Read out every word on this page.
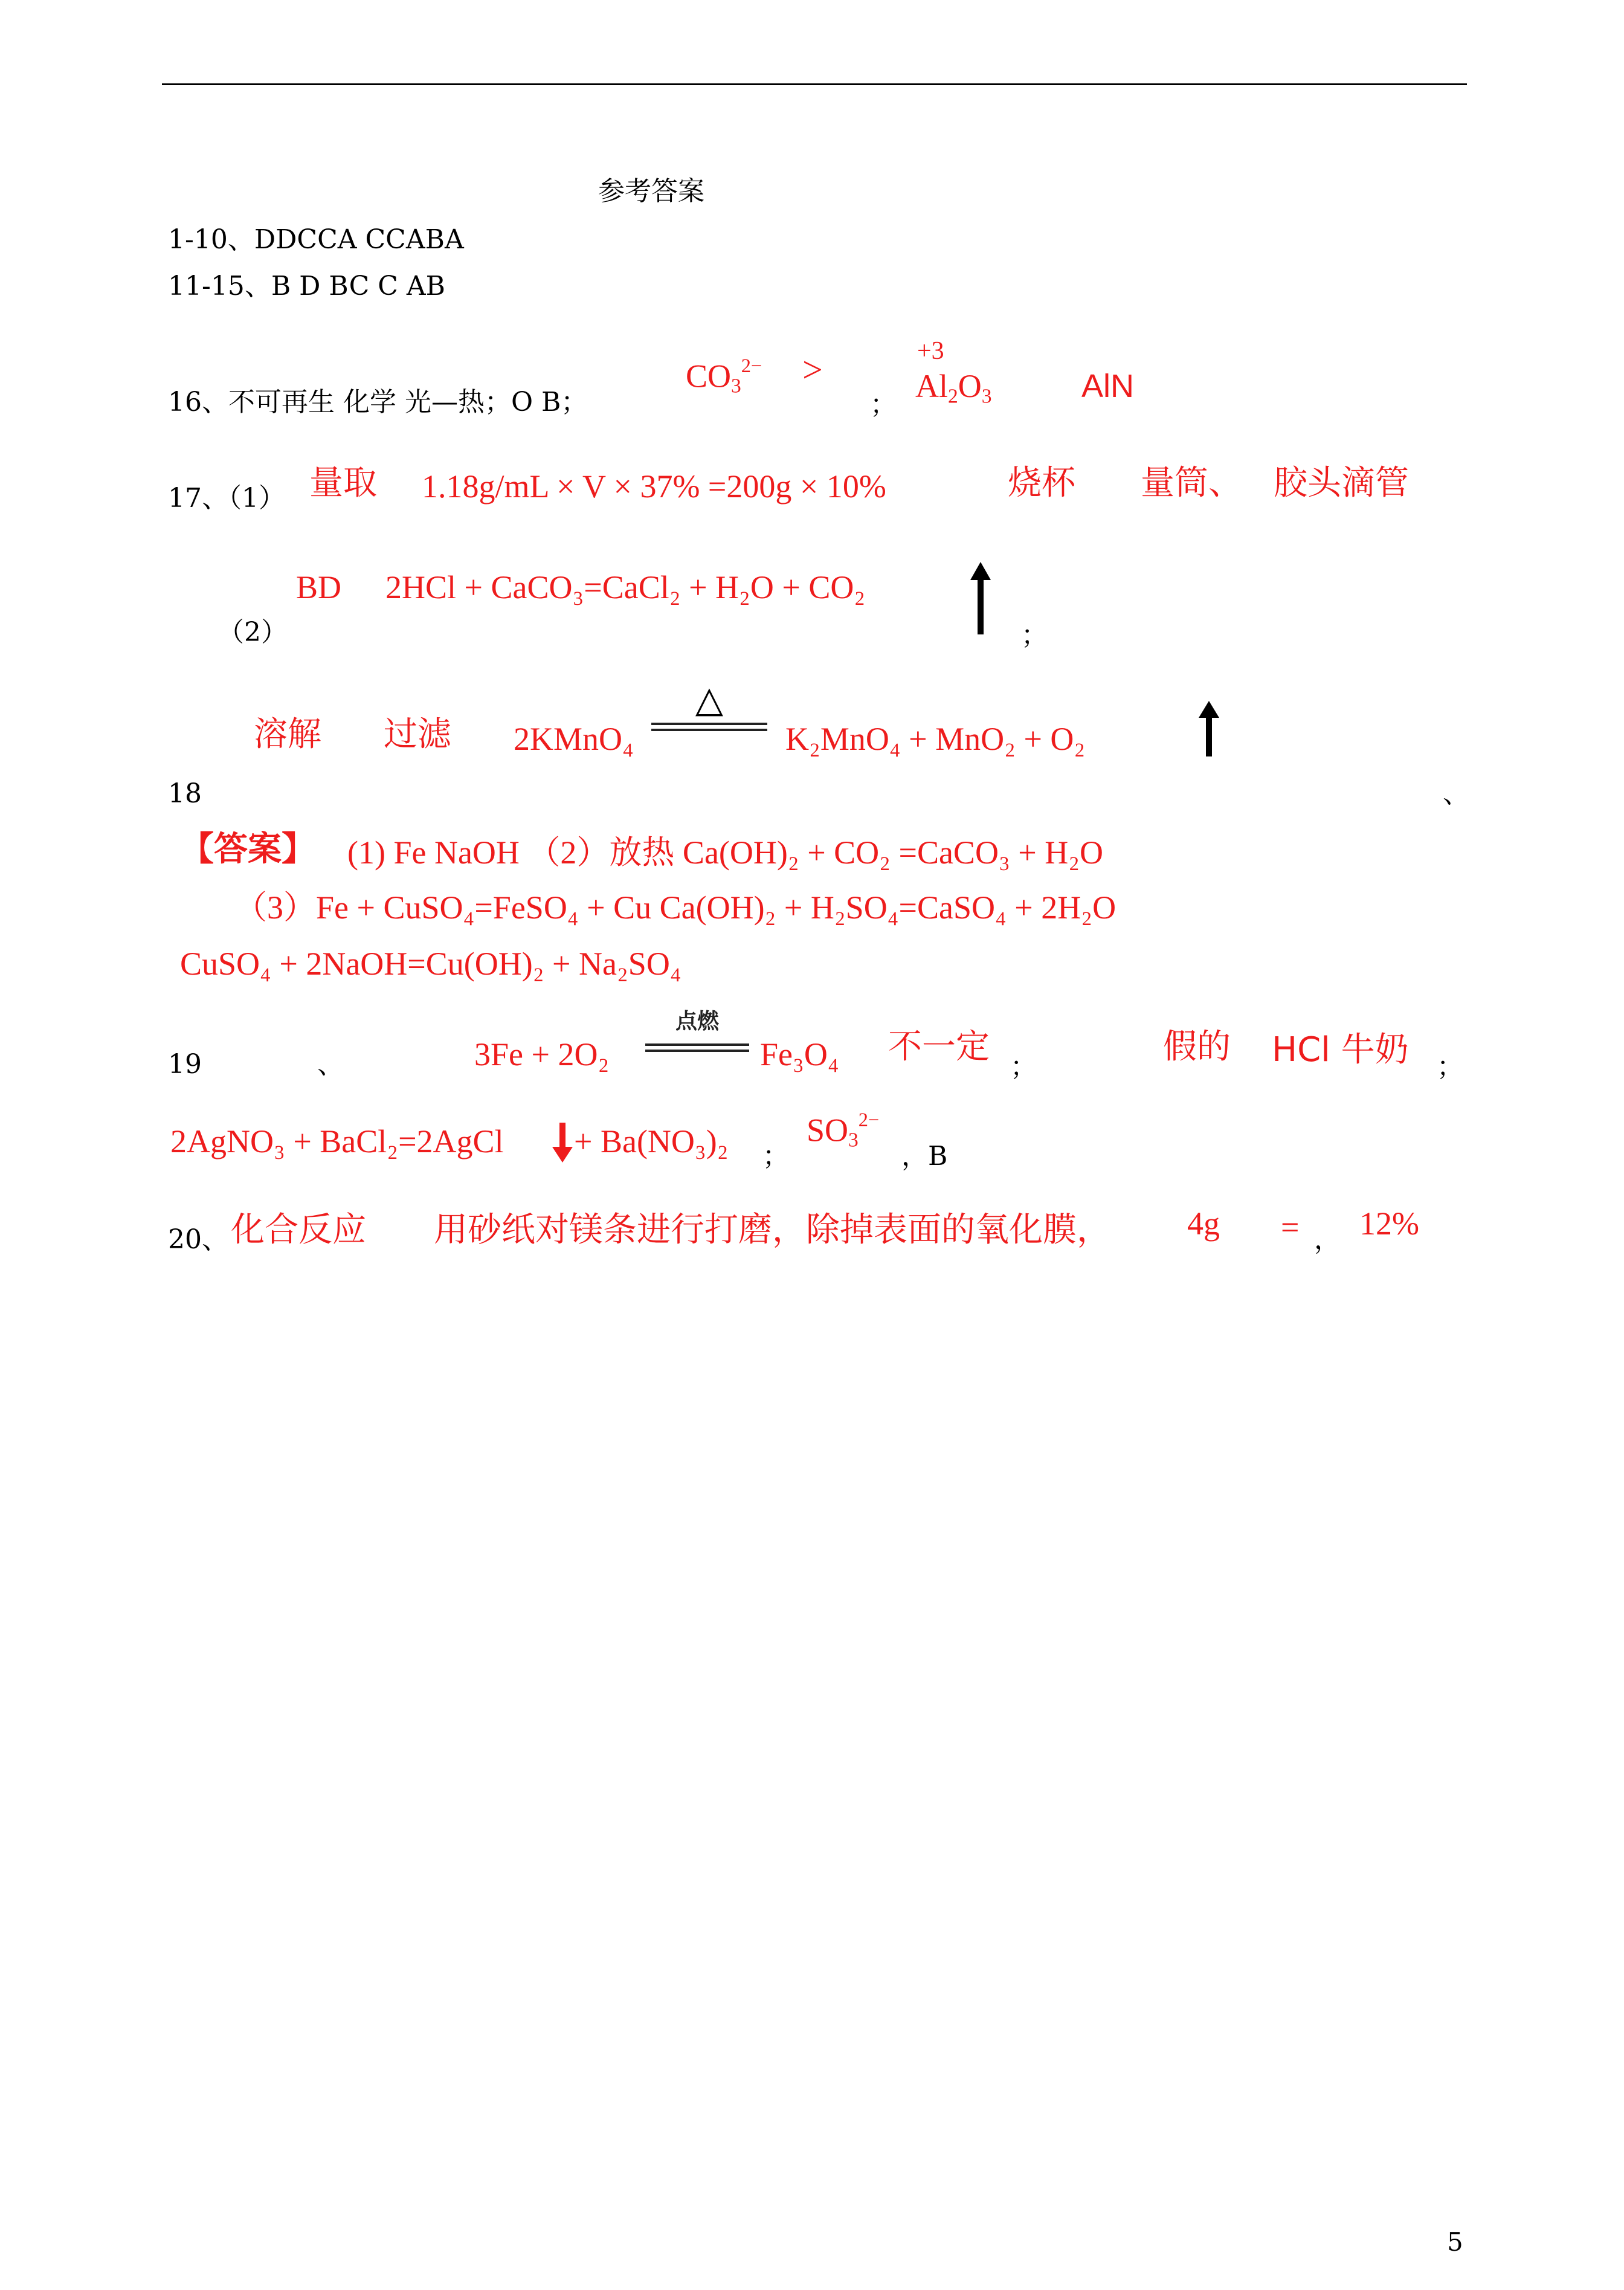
参考答案
1-10、DDCCA CCABA
11-15、B D BC C AB
16、不可再生 化学 光—热；O B；
$CO_3^{2-}$ >
；
+3
$Al_2O_3$	AlN
17、（1） 量取 1.18g/mL × V × 37% =200g × 10%	烧杯 量筒、 胶头滴管
（2）
BD 2HCl + CaCO₃=CaCl₂ + H₂O + CO₂
；
溶解 过滤 2KMnO₄
△
K₂MnO₄ + MnO₂ + O₂
18	、
【答案】 (1) Fe NaOH （2）放热 Ca(OH)₂ + CO₂ =CaCO₃ + H₂O
（3）Fe + CuSO₄=FeSO₄ + Cu Ca(OH)₂ + H₂SO₄=CaSO₄ + 2H₂O
CuSO₄ + 2NaOH=Cu(OH)₂ + Na₂SO₄
19	、	3Fe + 2O₂
点燃
Fe₃O₄ 不一定
；
假的 HCl 牛奶 ；
2AgNO₃ + BaCl₂=2AgCl + Ba(NO₃)₂ ；
$SO_3^{2-}$
，B
20、 化合反应 用砂纸对镁条进行打磨，除掉表面的氧化膜， 4g = ， 12%
5
